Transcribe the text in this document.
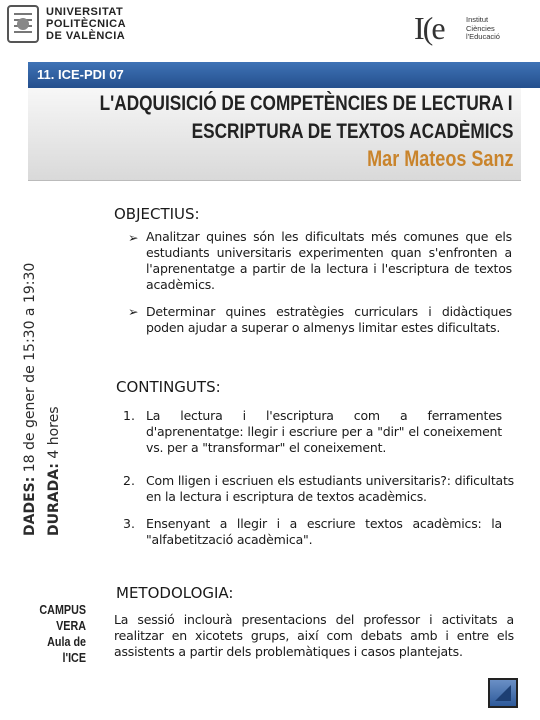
UNIVERSITAT
POLITÈCNICA
DE VALÈNCIA	I(e	Institut
Ciències
l'Educació
11. ICE-PDI 07
L'ADQUISICIÓ DE COMPETÈNCIES DE LECTURA I
ESCRIPTURA DE TEXTOS ACADÈMICS
Mar Mateos Sanz
DADES: 18 de gener de 15:30 a 19:30
DURADA: 4 hores
CAMPUS
VERA
Aula de l'ICE
OBJECTIUS:
➢ Analitzar quines són les dificultats més comunes que els estudiants universitaris experimenten quan s'enfronten a l'aprenentatge a partir de la lectura i l'escriptura de textos acadèmics.
➢ Determinar quines estratègies curriculars i didàctiques poden ajudar a superar o almenys limitar estes dificultats.
CONTINGUTS:
1. La lectura i l'escriptura com a ferramentes d'aprenentatge: llegir i escriure per a "dir" el coneixement vs. per a "transformar" el coneixement.
2. Com lligen i escriuen els estudiants universitaris?: dificultats en la lectura i escriptura de textos acadèmics.
3. Ensenyant a llegir i a escriure textos acadèmics: la "alfabetització acadèmica".
METODOLOGIA:
La sessió inclourà presentacions del professor i activitats a realitzar en xicotets grups, així com debats amb i entre els assistents a partir dels problemàtiques i casos plantejats.
